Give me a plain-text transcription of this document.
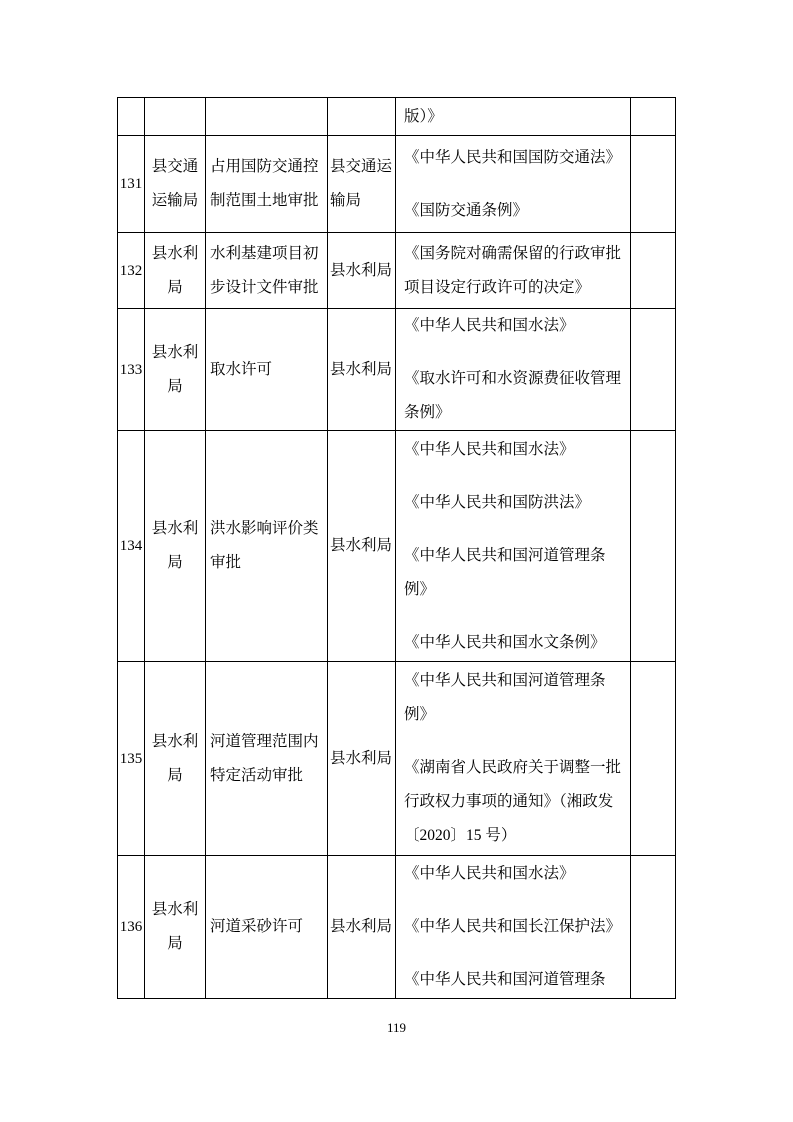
				版）》	

131	县交通运输局	占用国防交通控制范围土地审批	县交通运输局	《中华人民共和国国防交通法》

《国防交通条例》	

132	县水利局	水利基建项目初步设计文件审批	县水利局	《国务院对确需保留的行政审批项目设定行政许可的决定》	

133	县水利局	取水许可	县水利局	《中华人民共和国水法》

《取水许可和水资源费征收管理条例》	

134	县水利局	洪水影响评价类审批	县水利局	《中华人民共和国水法》

《中华人民共和国防洪法》

《中华人民共和国河道管理条例》

《中华人民共和国水文条例》	

135	县水利局	河道管理范围内特定活动审批	县水利局	《中华人民共和国河道管理条例》

《湖南省人民政府关于调整一批行政权力事项的通知》（湘政发〔2020〕15 号）	

136	县水利局	河道采砂许可	县水利局	《中华人民共和国水法》

《中华人民共和国长江保护法》

《中华人民共和国河道管理条	

119
